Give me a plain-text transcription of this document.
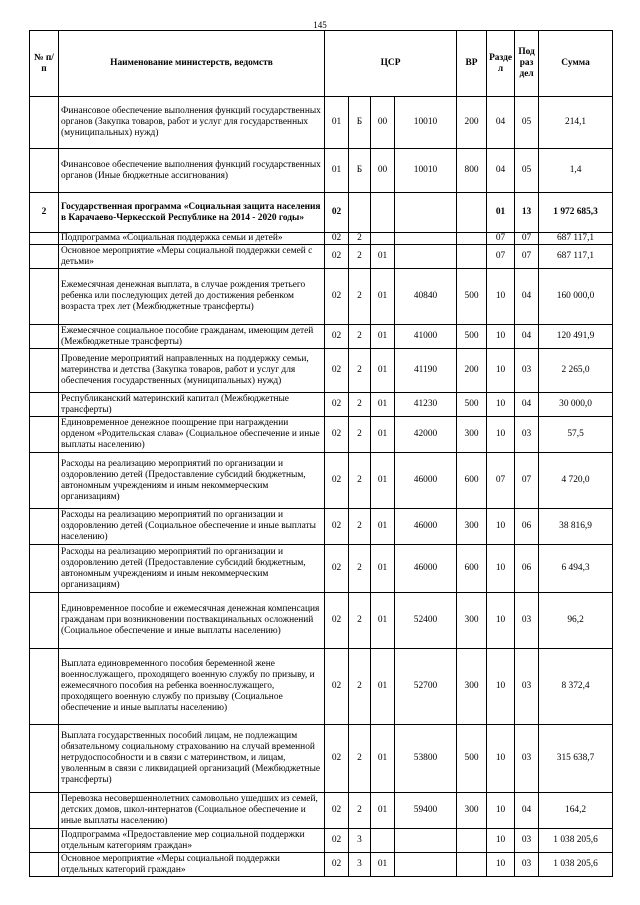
145
№ п/п	Наименование министерств, ведомств	ЦСР				ВР	Разде л	Под раз дел	Сумма
	Финансовое обеспечение выполнения функций государственных органов (Закупка товаров, работ и услуг для государственных (муниципальных) нужд)	01	Б	00	10010	200	04	05	214,1
	Финансовое обеспечение выполнения функций государственных органов (Иные бюджетные ассигнования)	01	Б	00	10010	800	04	05	1,4
2	Государственная программа «Социальная защита населения в Карачаево-Черкесской Республике на 2014 - 2020 годы»	02					01	13	1 972 685,3
	Подпрограмма «Социальная поддержка семьи и детей»	02	2				07	07	687 117,1
	Основное мероприятие «Меры социальной поддержки семей с детьми»	02	2	01			07	07	687 117,1
	Ежемесячная денежная выплата, в случае рождения третьего ребенка или последующих детей до достижения ребенком возраста трех лет (Межбюджетные трансферты)	02	2	01	40840	500	10	04	160 000,0
	Ежемесячное социальное пособие гражданам, имеющим детей (Межбюджетные трансферты)	02	2	01	41000	500	10	04	120 491,9
	Проведение мероприятий направленных на поддержку семьи, материнства и детства (Закупка товаров, работ и услуг для обеспечения государственных (муниципальных) нужд)	02	2	01	41190	200	10	03	2 265,0
	Республиканский материнский капитал (Межбюджетные трансферты)	02	2	01	41230	500	10	04	30 000,0
	Единовременное денежное поощрение при награждении орденом «Родительская слава» (Социальное обеспечение и иные выплаты населению)	02	2	01	42000	300	10	03	57,5
	Расходы на реализацию мероприятий по организации и оздоровлению детей (Предоставление субсидий бюджетным, автономным учреждениям и иным некоммерческим организациям)	02	2	01	46000	600	07	07	4 720,0
	Расходы на реализацию мероприятий по организации и оздоровлению детей (Социальное обеспечение и иные выплаты населению)	02	2	01	46000	300	10	06	38 816,9
	Расходы на реализацию мероприятий по организации и оздоровлению детей (Предоставление субсидий бюджетным, автономным учреждениям и иным некоммерческим организациям)	02	2	01	46000	600	10	06	6 494,3
	Единовременное пособие и ежемесячная денежная компенсация гражданам при возникновении поствакцинальных осложнений (Социальное обеспечение и иные выплаты населению)	02	2	01	52400	300	10	03	96,2
	Выплата единовременного пособия беременной жене военнослужащего, проходящего военную службу по призыву, и ежемесячного пособия на ребенка военнослужащего, проходящего военную службу по призыву (Социальное обеспечение и иные выплаты населению)	02	2	01	52700	300	10	03	8 372,4
	Выплата государственных пособий лицам, не подлежащим обязательному социальному страхованию на случай временной нетрудоспособности и в связи с материнством, и лицам, уволенным в связи с ликвидацией организаций (Межбюджетные трансферты)	02	2	01	53800	500	10	03	315 638,7
	Перевозка несовершеннолетних самовольно ушедших из семей, детских домов, школ-интернатов (Социальное обеспечение и иные выплаты населению)	02	2	01	59400	300	10	04	164,2
	Подпрограмма «Предоставление мер социальной поддержки отдельным категориям граждан»	02	3				10	03	1 038 205,6
	Основное мероприятие «Меры социальной поддержки отдельных категорий граждан»	02	3	01			10	03	1 038 205,6
